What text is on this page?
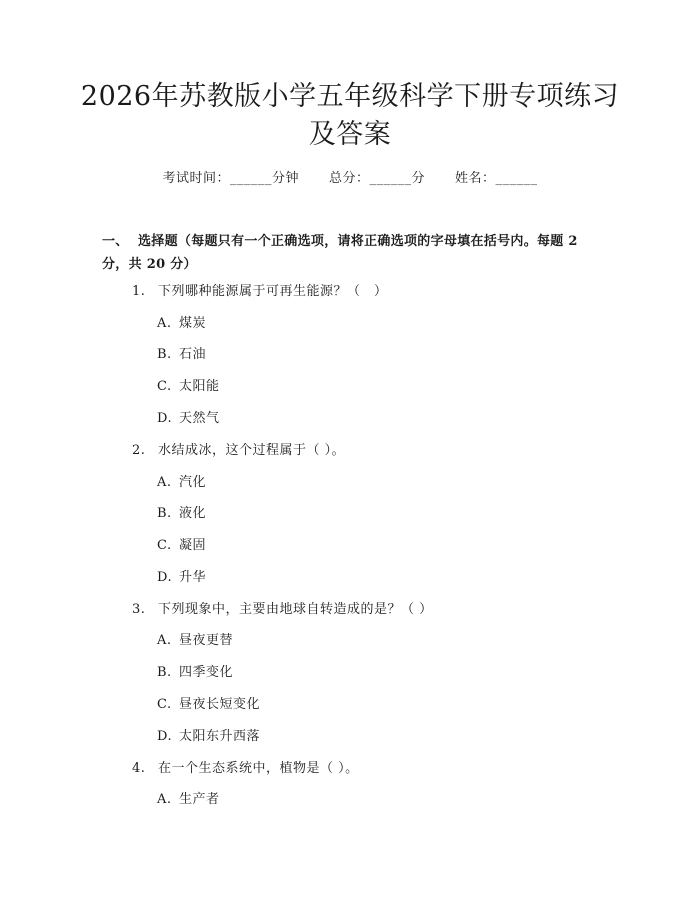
2026年苏教版小学五年级科学下册专项练习
及答案
考试时间：______分钟 总分：______分 姓名：______
一、 选择题（每题只有一个正确选项，请将正确选项的字母填在括号内。每题 2 分，共 20 分）
1. 下列哪种能源属于可再生能源？（　）
A. 煤炭
B. 石油
C. 太阳能
D. 天然气
2. 水结成冰，这个过程属于（ ）。
A. 汽化
B. 液化
C. 凝固
D. 升华
3. 下列现象中，主要由地球自转造成的是？（ ）
A. 昼夜更替
B. 四季变化
C. 昼夜长短变化
D. 太阳东升西落
4. 在一个生态系统中，植物是（ ）。
A. 生产者
